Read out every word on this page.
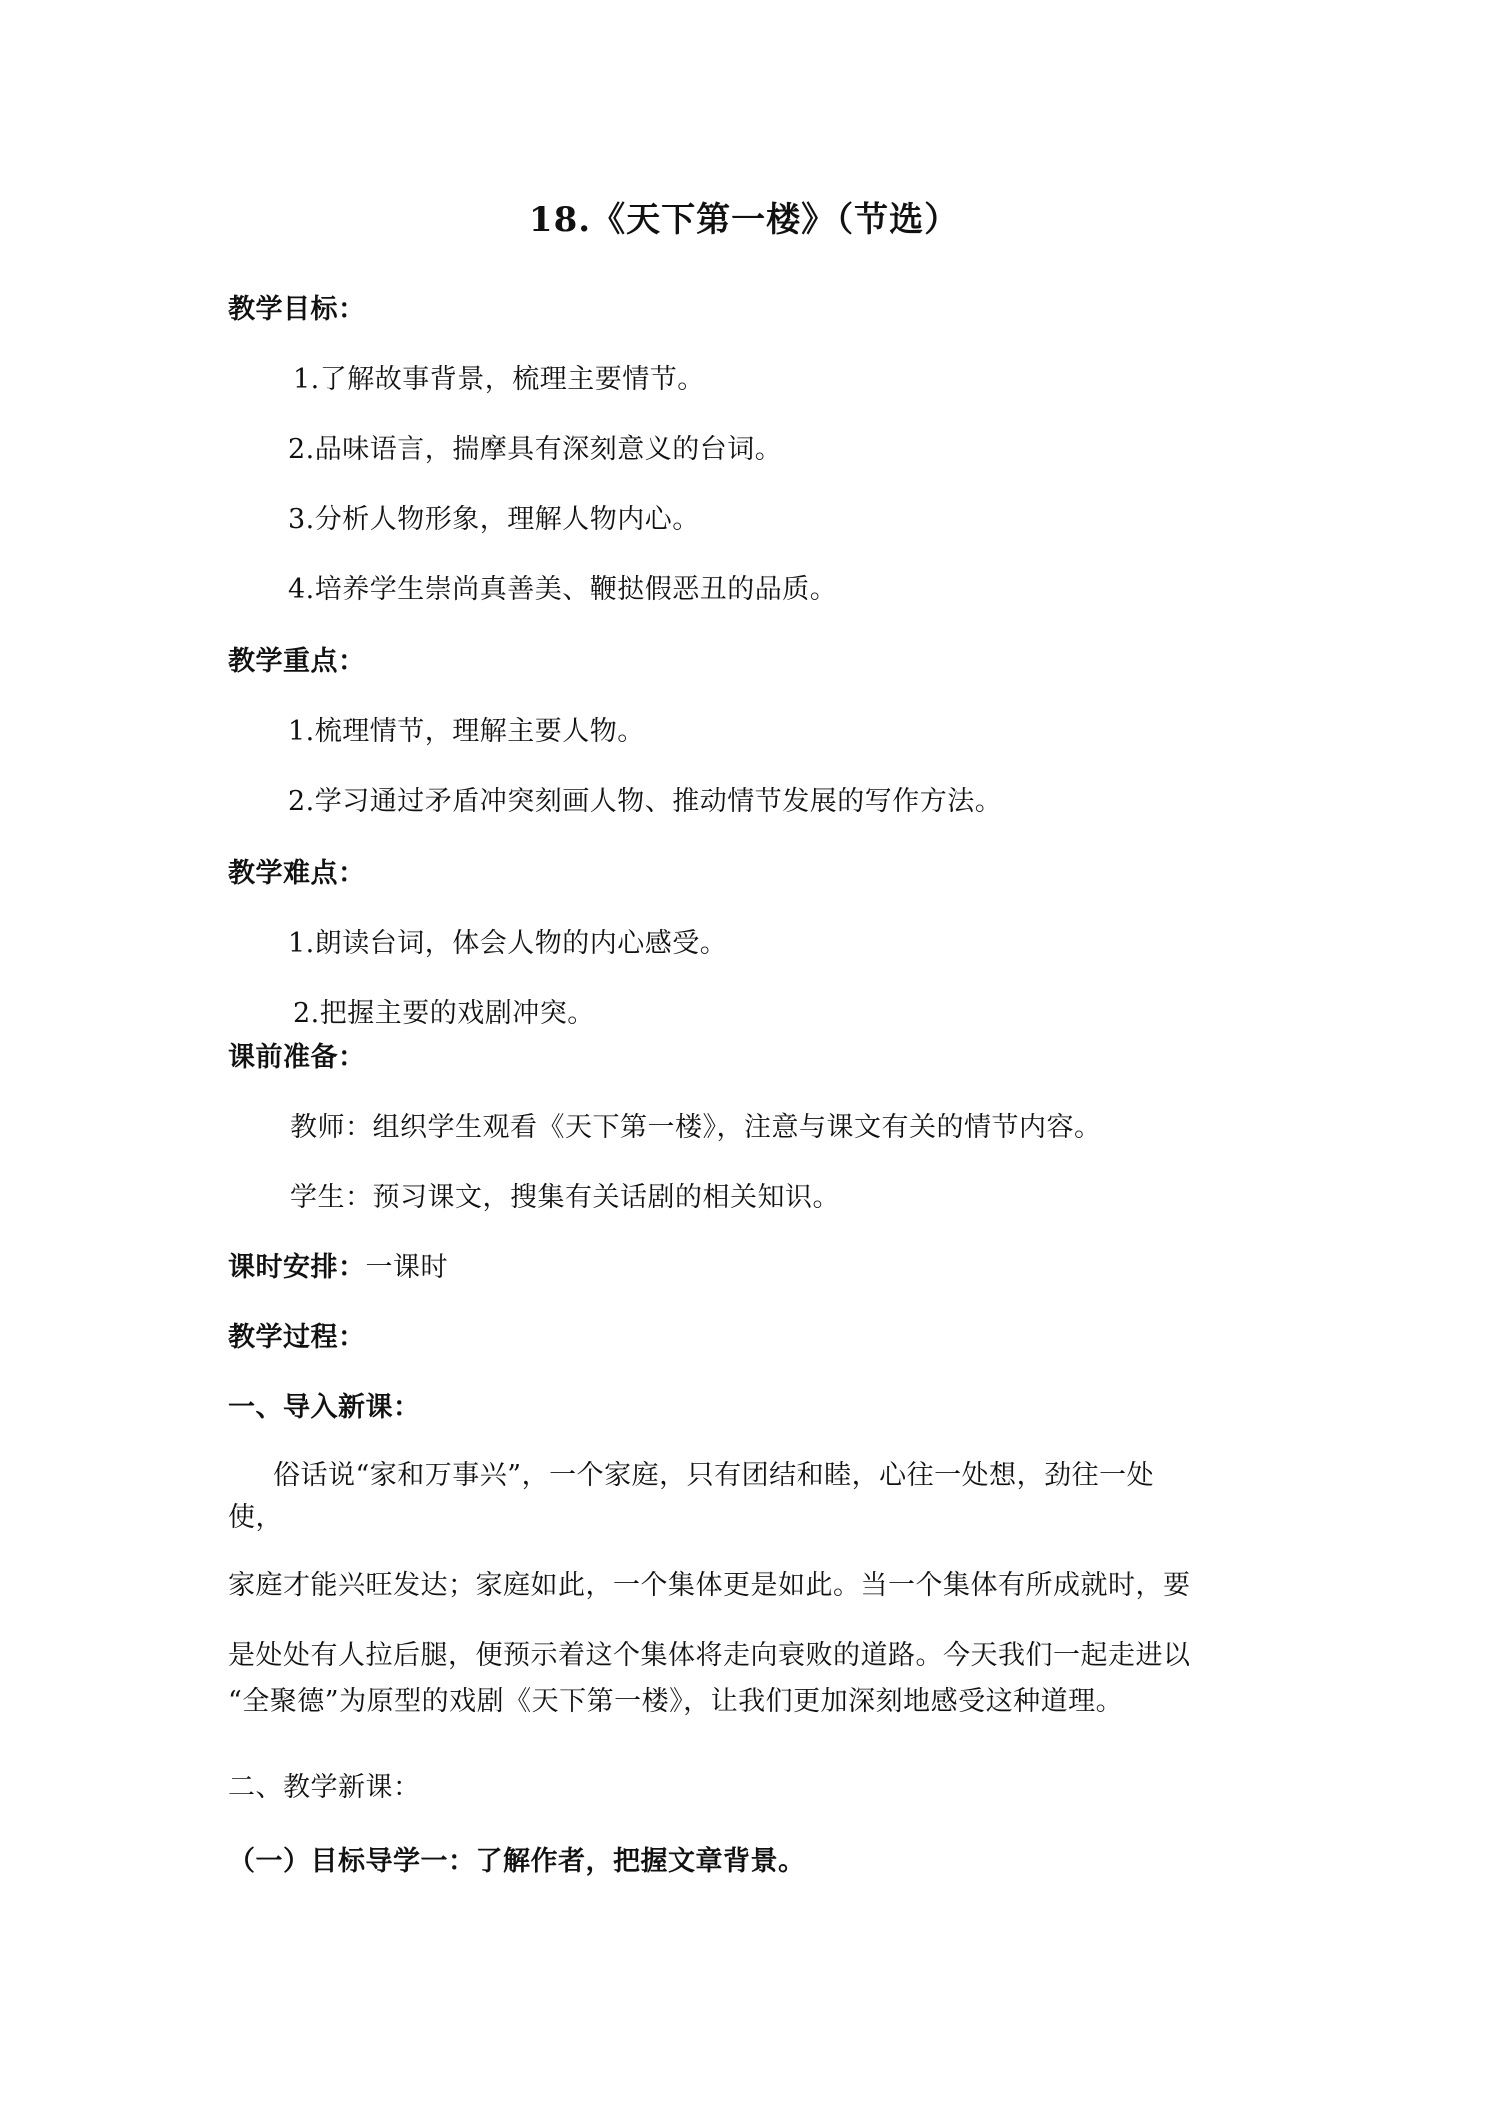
18.《天下第一楼》（节选）
教学目标：
1.了解故事背景，梳理主要情节。
2.品味语言，揣摩具有深刻意义的台词。
3.分析人物形象，理解人物内心。
4.培养学生崇尚真善美、鞭挞假恶丑的品质。
教学重点：
1.梳理情节，理解主要人物。
2.学习通过矛盾冲突刻画人物、推动情节发展的写作方法。
教学难点：
1.朗读台词，体会人物的内心感受。
2.把握主要的戏剧冲突。
课前准备：
教师：组织学生观看《天下第一楼》，注意与课文有关的情节内容。
学生：预习课文，搜集有关话剧的相关知识。
课时安排：一课时
教学过程：
一、导入新课：
俗话说“家和万事兴”，一个家庭，只有团结和睦，心往一处想，劲往一处
使，
家庭才能兴旺发达；家庭如此，一个集体更是如此。当一个集体有所成就时，要
是处处有人拉后腿，便预示着这个集体将走向衰败的道路。今天我们一起走进以
“全聚德”为原型的戏剧《天下第一楼》，让我们更加深刻地感受这种道理。
二、教学新课：
（一）目标导学一：了解作者，把握文章背景。
